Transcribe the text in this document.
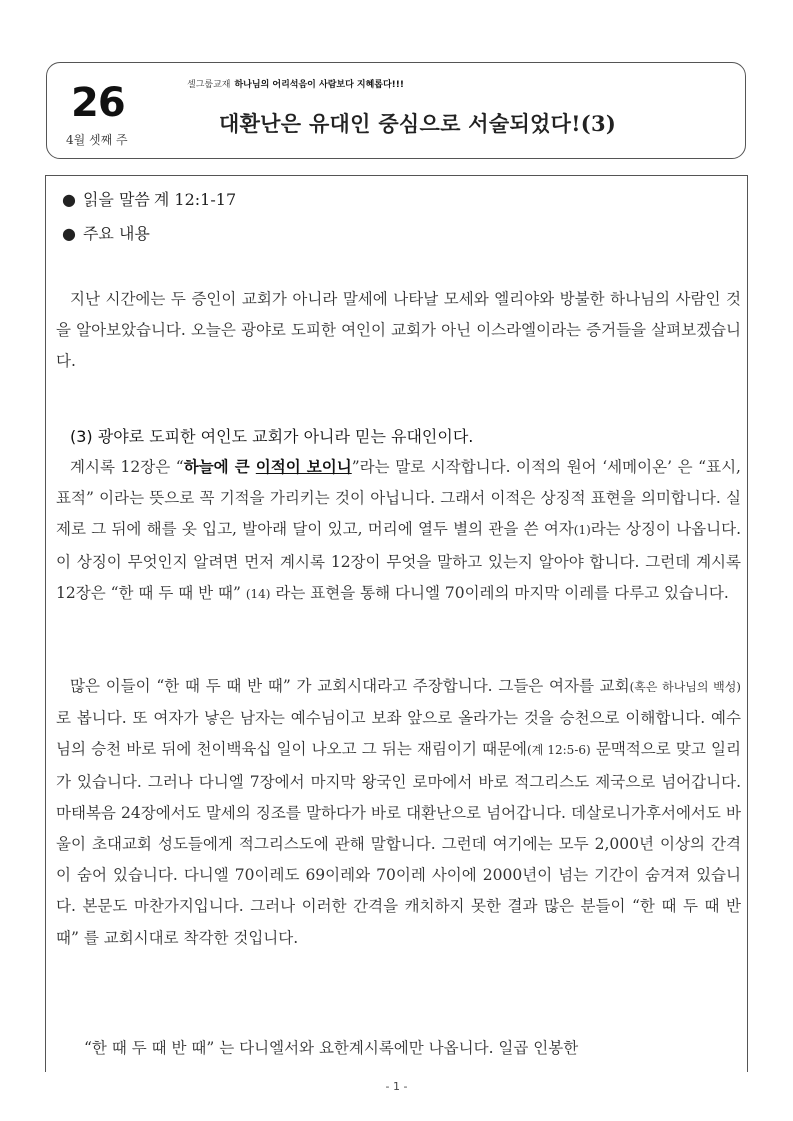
26
4월 셋째 주
셀그룹교재 하나님의 어리석음이 사람보다 지혜롭다!!!
대환난은 유대인 중심으로 서술되었다!(3)
● 읽을 말씀 계 12:1-17
● 주요 내용
지난 시간에는 두 증인이 교회가 아니라 말세에 나타날 모세와 엘리야와 방불한 하나님의 사람인 것을 알아보았습니다. 오늘은 광야로 도피한 여인이 교회가 아닌 이스라엘이라는 증거들을 살펴보겠습니다.
(3) 광야로 도피한 여인도 교회가 아니라 믿는 유대인이다.
계시록 12장은 “하늘에 큰 이적이 보이니”라는 말로 시작합니다. 이적의 원어 ‘세메이온’ 은 “표시, 표적” 이라는 뜻으로 꼭 기적을 가리키는 것이 아닙니다. 그래서 이적은 상징적 표현을 의미합니다. 실제로 그 뒤에 해를 옷 입고, 발아래 달이 있고, 머리에 열두 별의 관을 쓴 여자(1)라는 상징이 나옵니다. 이 상징이 무엇인지 알려면 먼저 계시록 12장이 무엇을 말하고 있는지 알아야 합니다. 그런데 계시록 12장은 “한 때 두 때 반 때” (14) 라는 표현을 통해 다니엘 70이레의 마지막 이레를 다루고 있습니다.
많은 이들이 “한 때 두 때 반 때” 가 교회시대라고 주장합니다. 그들은 여자를 교회(혹은 하나님의 백성)로 봅니다. 또 여자가 낳은 남자는 예수님이고 보좌 앞으로 올라가는 것을 승천으로 이해합니다. 예수님의 승천 바로 뒤에 천이백육십 일이 나오고 그 뒤는 재림이기 때문에(계 12:5-6) 문맥적으로 맞고 일리가 있습니다. 그러나 다니엘 7장에서 마지막 왕국인 로마에서 바로 적그리스도 제국으로 넘어갑니다. 마태복음 24장에서도 말세의 징조를 말하다가 바로 대환난으로 넘어갑니다. 데살로니가후서에서도 바울이 초대교회 성도들에게 적그리스도에 관해 말합니다. 그런데 여기에는 모두 2,000년 이상의 간격이 숨어 있습니다. 다니엘 70이레도 69이레와 70이레 사이에 2000년이 넘는 기간이 숨겨져 있습니다. 본문도 마찬가지입니다. 그러나 이러한 간격을 캐치하지 못한 결과 많은 분들이 “한 때 두 때 반 때” 를 교회시대로 착각한 것입니다.
“한 때 두 때 반 때” 는 다니엘서와 요한계시록에만 나옵니다. 일곱 인봉한
- 1 -
